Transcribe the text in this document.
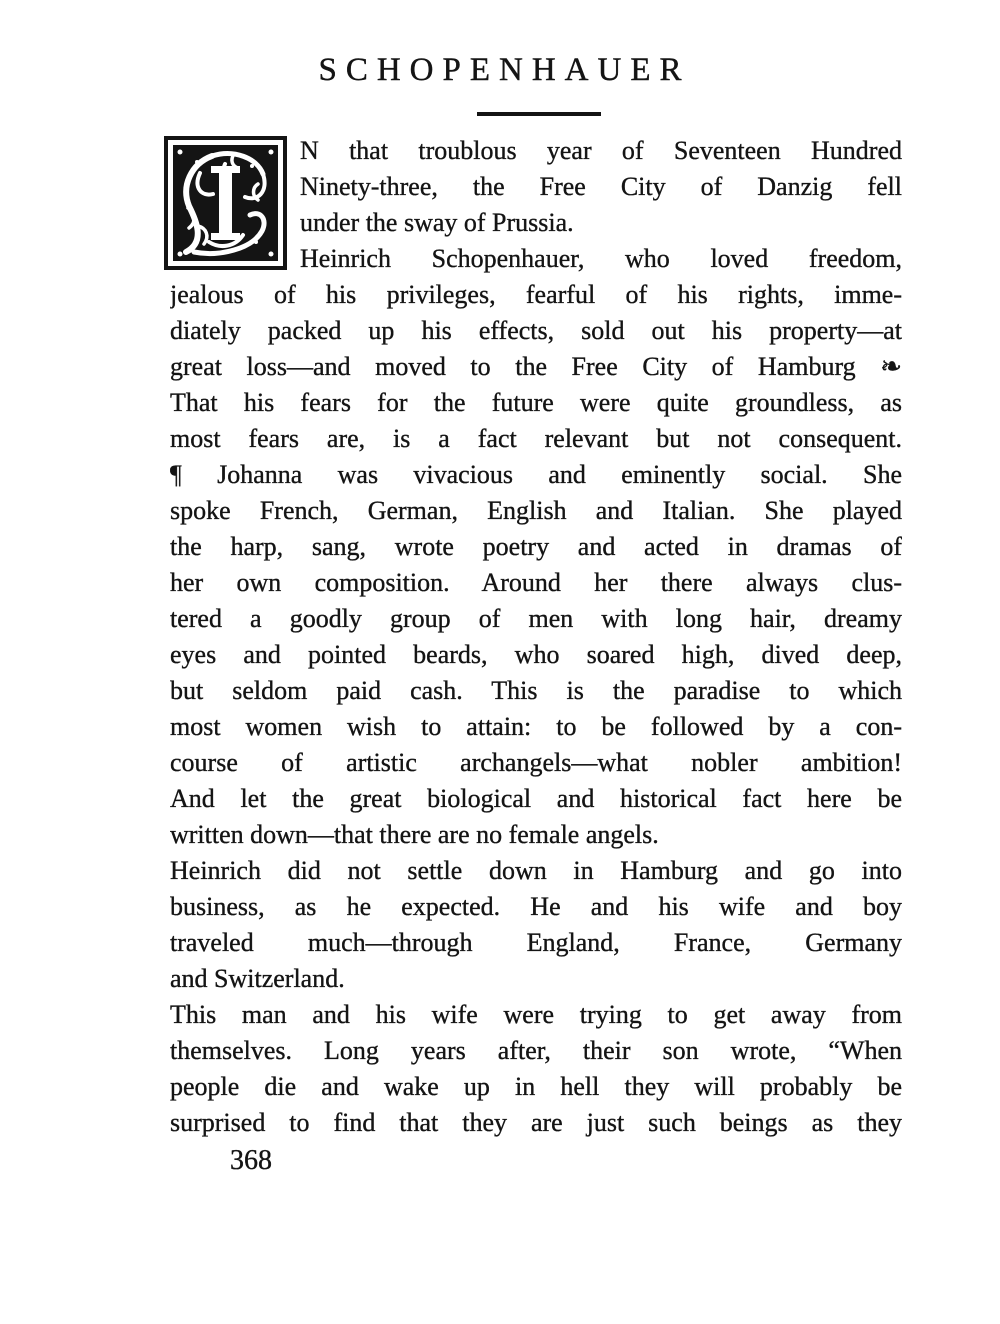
SCHOPENHAUER
N that troublous year of Seventeen Hundred
Ninety-three, the Free City of Danzig fell
under the sway of Prussia.
Heinrich Schopenhauer, who loved freedom,
jealous of his privileges, fearful of his rights, imme-
diately packed up his effects, sold out his property—at
great loss—and moved to the Free City of Hamburg ❧
That his fears for the future were quite groundless, as
most fears are, is a fact relevant but not consequent.
¶ Johanna was vivacious and eminently social. She
spoke French, German, English and Italian. She played
the harp, sang, wrote poetry and acted in dramas of
her own composition. Around her there always clus-
tered a goodly group of men with long hair, dreamy
eyes and pointed beards, who soared high, dived deep,
but seldom paid cash. This is the paradise to which
most women wish to attain: to be followed by a con-
course of artistic archangels—what nobler ambition!
And let the great biological and historical fact here be
written down—that there are no female angels.
Heinrich did not settle down in Hamburg and go into
business, as he expected. He and his wife and boy
traveled much—through England, France, Germany
and Switzerland.
This man and his wife were trying to get away from
themselves. Long years after, their son wrote, “When
people die and wake up in hell they will probably be
surprised to find that they are just such beings as they
368
